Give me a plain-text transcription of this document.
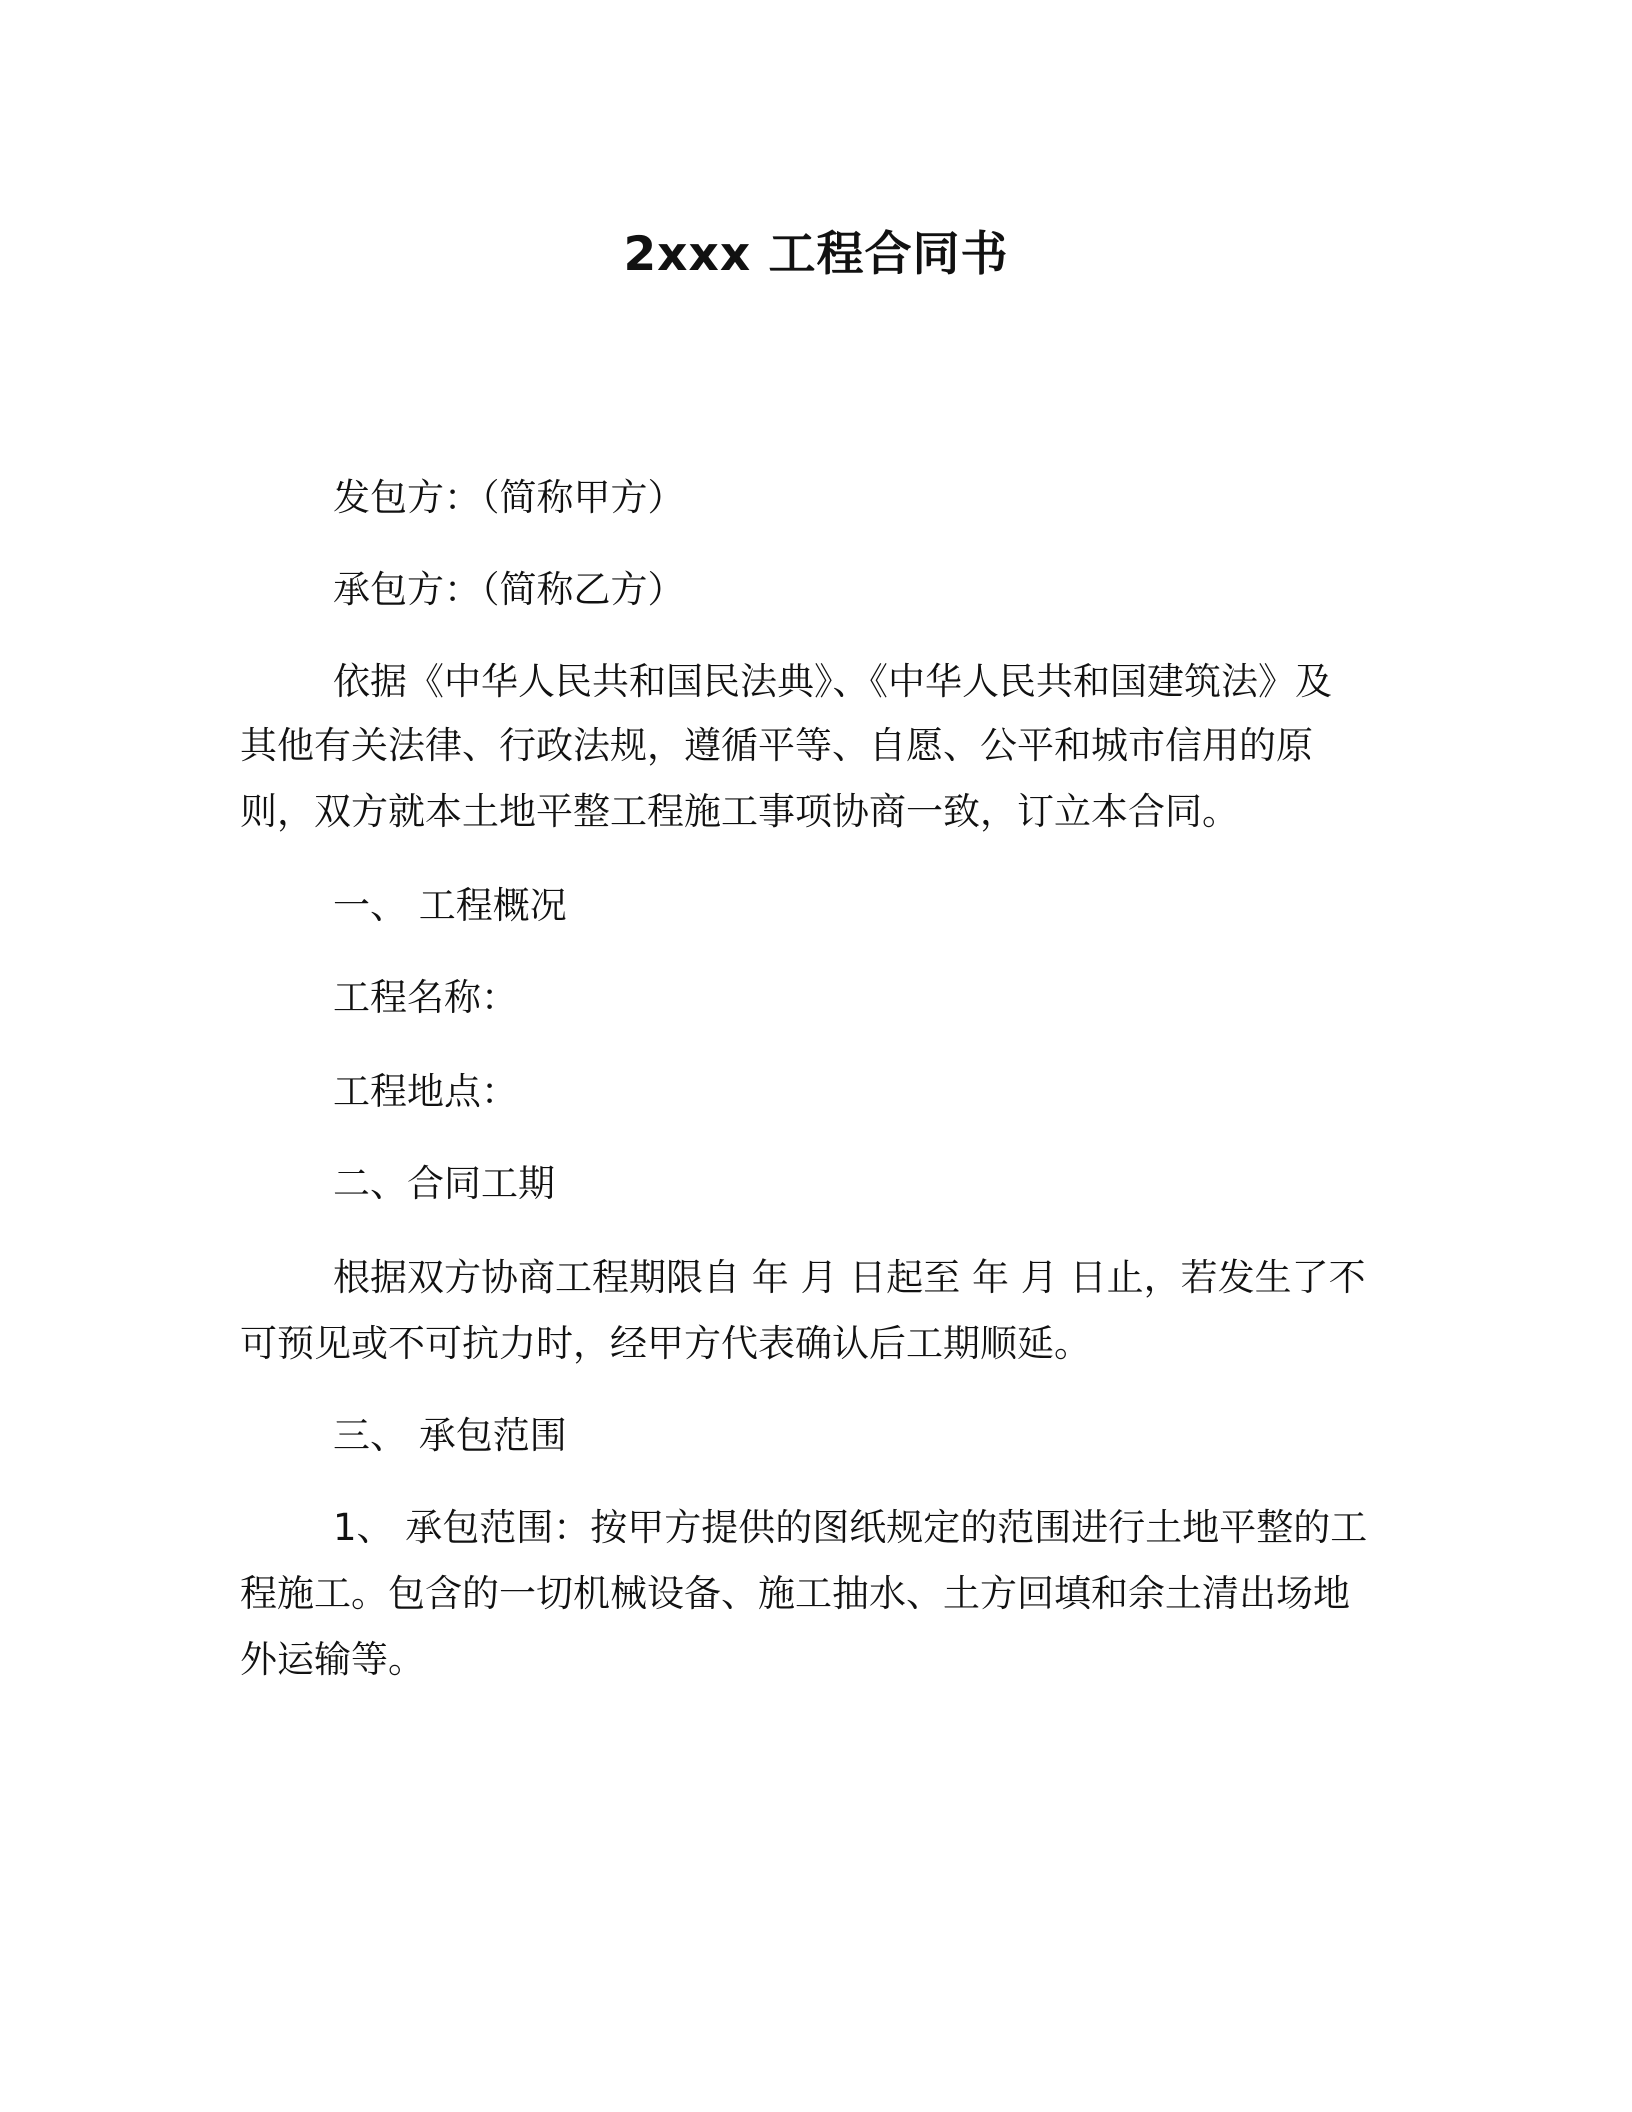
2xxx 工程合同书
发包方：（简称甲方）
承包方：（简称乙方）
依据《中华人民共和国民法典》、《中华人民共和国建筑法》及
其他有关法律、行政法规，遵循平等、自愿、公平和城市信用的原
则，双方就本土地平整工程施工事项协商一致，订立本合同。
一、 工程概况
工程名称：
工程地点：
二、合同工期
根据双方协商工程期限自 年 月 日起至 年 月 日止，若发生了不
可预见或不可抗力时，经甲方代表确认后工期顺延。
三、 承包范围
1、 承包范围：按甲方提供的图纸规定的范围进行土地平整的工
程施工。包含的一切机械设备、施工抽水、土方回填和余土清出场地
外运输等。
